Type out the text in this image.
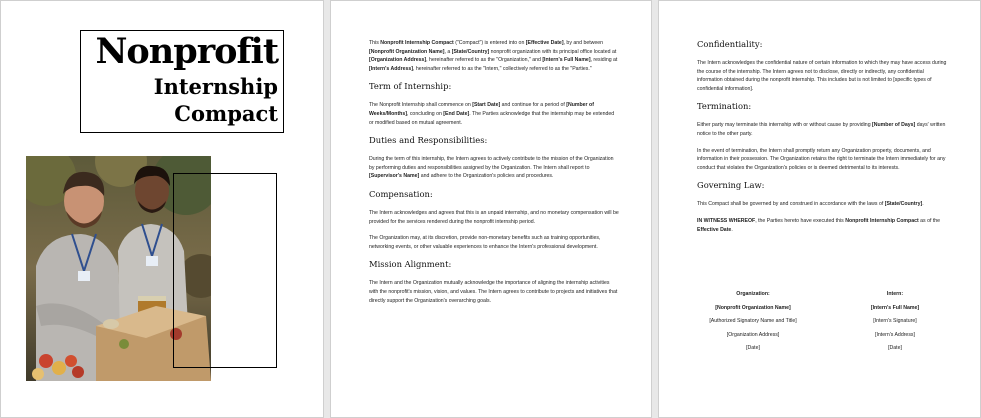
Nonprofit
Internship
Compact

This Nonprofit Internship Compact ("Compact") is entered into on [Effective Date], by and between [Nonprofit Organization Name], a [State/Country] nonprofit organization with its principal office located at [Organization Address], hereinafter referred to as the "Organization," and [Intern's Full Name], residing at [Intern's Address], hereinafter referred to as the "Intern," collectively referred to as the "Parties."

Term of Internship:

The Nonprofit Internship shall commence on [Start Date] and continue for a period of [Number of Weeks/Months], concluding on [End Date]. The Parties acknowledge that the internship may be extended or modified based on mutual agreement.

Duties and Responsibilities:

During the term of this internship, the Intern agrees to actively contribute to the mission of the Organization by performing duties and responsibilities assigned by the Organization. The Intern shall report to [Supervisor's Name] and adhere to the Organization's policies and procedures.

Compensation:

The Intern acknowledges and agrees that this is an unpaid internship, and no monetary compensation will be provided for the services rendered during the nonprofit internship period.

The Organization may, at its discretion, provide non-monetary benefits such as training opportunities, networking events, or other valuable experiences to enhance the Intern's professional development.

Mission Alignment:

The Intern and the Organization mutually acknowledge the importance of aligning the internship activities with the nonprofit's mission, vision, and values. The Intern agrees to contribute to projects and initiatives that directly support the Organization's overarching goals.

Confidentiality:

The Intern acknowledges the confidential nature of certain information to which they may have access during the course of the internship. The Intern agrees not to disclose, directly or indirectly, any confidential information obtained during the nonprofit internship. This includes but is not limited to [specific types of confidential information].

Termination:

Either party may terminate this internship with or without cause by providing [Number of Days] days' written notice to the other party.

In the event of termination, the Intern shall promptly return any Organization property, documents, and information in their possession. The Organization retains the right to terminate the Intern immediately for any conduct that violates the Organization's policies or is deemed detrimental to its interests.

Governing Law:

This Compact shall be governed by and construed in accordance with the laws of [State/Country].

IN WITNESS WHEREOF, the Parties hereto have executed this Nonprofit Internship Compact as of the Effective Date.

Organization:	Intern:
[Nonprofit Organization Name]	[Intern's Full Name]
[Authorized Signatory Name and Title]	[Intern's Signature]
[Organization Address]	[Intern's Address]
[Date]	[Date]
